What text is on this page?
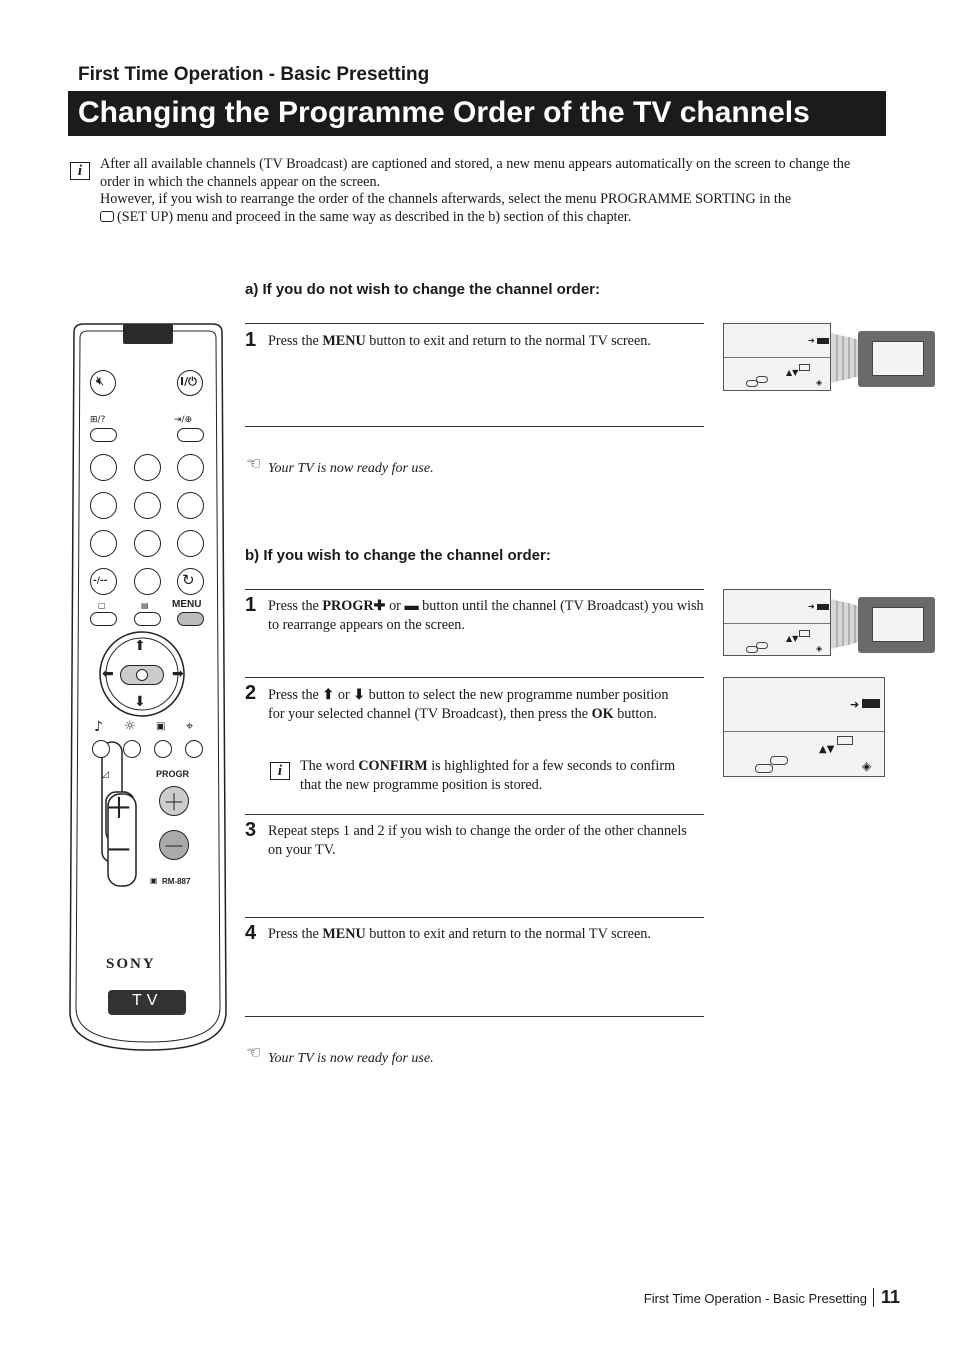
First Time Operation - Basic Presetting
Changing the Programme Order of the TV channels
i After all available channels (TV Broadcast) are captioned and stored, a new menu appears automatically on the screen to change the order in which the channels appear on the screen.
However, if you wish to rearrange the order of the channels afterwards, select the menu PROGRAMME SORTING in the
(SET UP) menu and proceed in the same way as described in the b) section of this chapter.
a) If you do not wish to change the channel order:
1 Press the MENU button to exit and return to the normal TV screen.
☜ Your TV is now ready for use.
➜
▲▼
◈
b) If you wish to change the channel order:
1 Press the PROGR✚ or ▬ button until the channel (TV Broadcast) you wish to rearrange appears on the screen.
➜
▲▼
◈
2 Press the ⬆ or ⬇ button to select the new programme number position for your selected channel (TV Broadcast), then press the OK button.
i The word CONFIRM is highlighted for a few seconds to confirm that the new programme position is stored.
➜
▲▼
◈
3 Repeat steps 1 and 2 if you wish to change the order of the other channels on your TV.
4 Press the MENU button to exit and return to the normal TV screen.
☜ Your TV is now ready for use.
🔇︎	I/⏻
⊞/?	⇥/⊕
-/--	↻
▢	▤ MENU
⬆
⬇
⬅	➡
♪ ☼ ▣ ⌖
◿	PROGR
＋
－
＋
－
▣ RM-887
SONY
TV
First Time Operation - Basic Presetting 11
